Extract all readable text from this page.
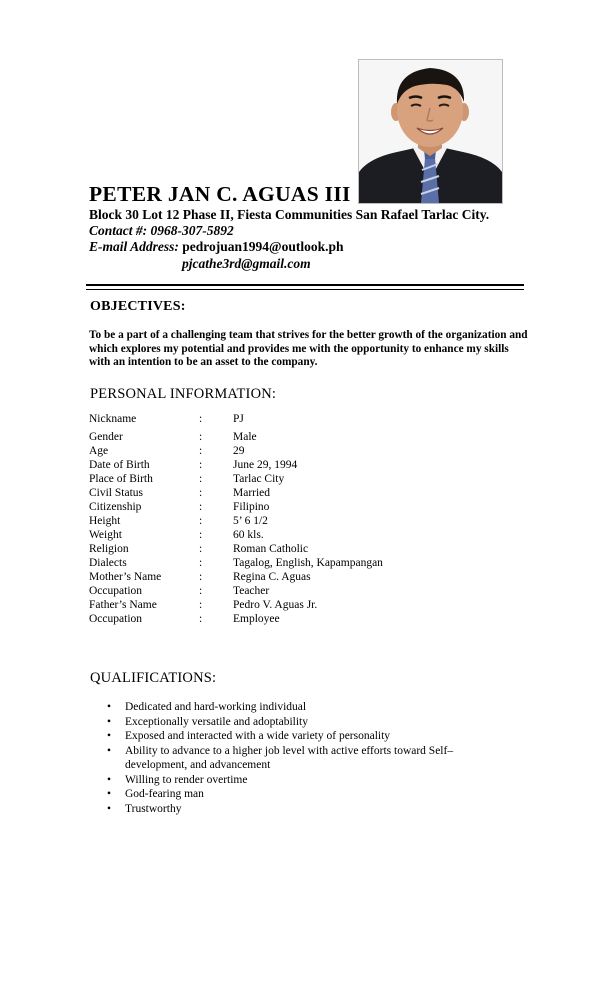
PETER JAN C. AGUAS III
Block 30 Lot 12 Phase II, Fiesta Communities San Rafael Tarlac City.
Contact #: 0968-307-5892
E-mail Address: pedrojuan1994@outlook.ph
pjcathe3rd@gmail.com
OBJECTIVES:
To be a part of a challenging team that strives for the better growth of the organization and which explores my potential and provides me with the opportunity to enhance my skills with an intention to be an asset to the company.
PERSONAL INFORMATION:
Nickname	:	PJ
Gender	:	Male
Age	:	29
Date of Birth	:	June 29, 1994
Place of Birth	:	Tarlac City
Civil Status	:	Married
Citizenship	:	Filipino
Height	:	5’ 6 1/2
Weight	:	60 kls.
Religion	:	Roman Catholic
Dialects	:	Tagalog, English, Kapampangan
Mother’s Name	:	Regina C. Aguas
Occupation	:	Teacher
Father’s Name	:	Pedro V. Aguas Jr.
Occupation	:	Employee
QUALIFICATIONS:
• Dedicated and hard-working individual
• Exceptionally versatile and adoptability
• Exposed and interacted with a wide variety of personality
• Ability to advance to a higher job level with active efforts toward Self–development, and advancement
• Willing to render overtime
• God-fearing man
• Trustworthy
